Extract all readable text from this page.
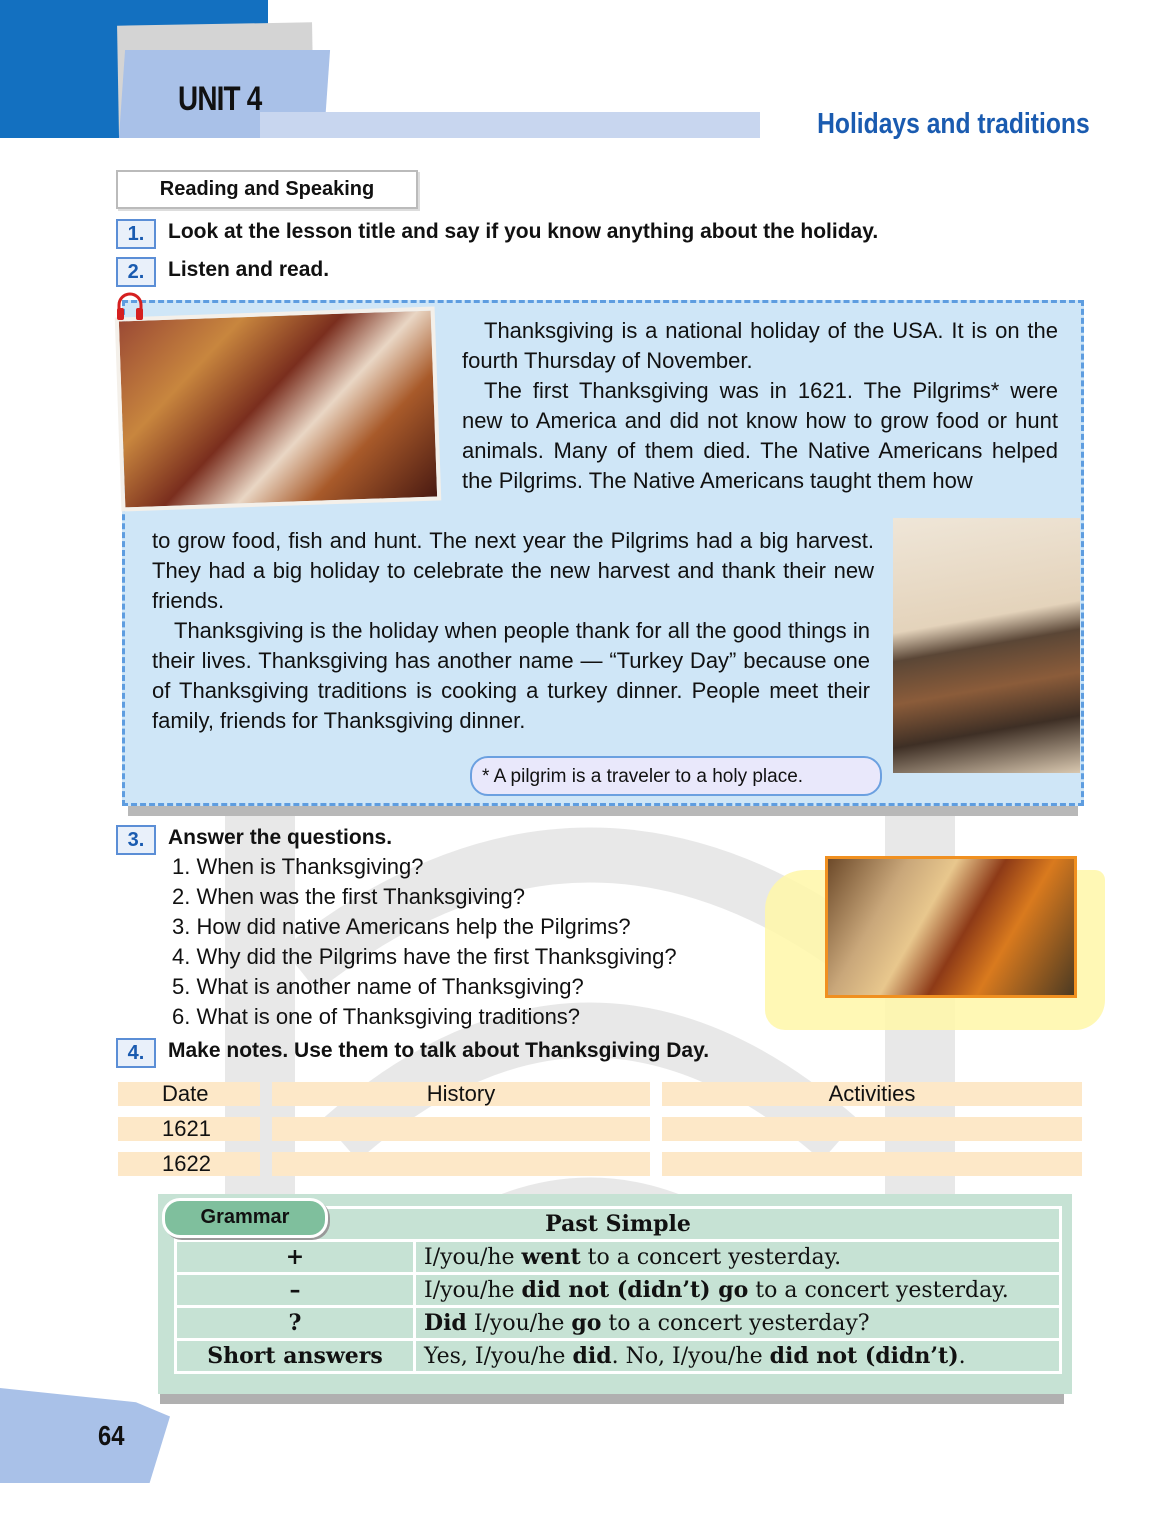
UNIT 4
Holidays and traditions
Reading and Speaking
1.	Look at the lesson title and say if you know anything about the holiday.
2.	Listen and read.
Thanksgiving is a national holiday of the USA. It is on the fourth Thursday of November.
The first Thanksgiving was in 1621. The Pilgrims* were new to America and did not know how to grow food or hunt animals. Many of them died. The Native Americans helped the Pilgrims. The Native Americans taught them how
to grow food, fish and hunt. The next year the Pilgrims had a big harvest. They had a big holiday to celebrate the new harvest and thank their new friends.
Thanksgiving is the holiday when people thank for all the good things in their lives. Thanksgiving has another name — “Turkey Day” because one of Thanksgiving traditions is cooking a turkey dinner. People meet their family, friends for Thanksgiving dinner.
* A pilgrim is a traveler to a holy place.
3.	Answer the questions.
1. When is Thanksgiving?
2. When was the first Thanksgiving?
3. How did native Americans help the Pilgrims?
4. Why did the Pilgrims have the first Thanksgiving?
5. What is another name of Thanksgiving?
6. What is one of Thanksgiving traditions?
4.	Make notes. Use them to talk about Thanksgiving Day.
Date	History	Activities
1621
1622
Past Simple	
+	I/you/he went to a concert yesterday.
–	I/you/he did not (didn’t) go to a concert yesterday.
?	Did I/you/he go to a concert yesterday?
Short answers	Yes, I/you/he did. No, I/you/he did not (didn’t).
Grammar
64
